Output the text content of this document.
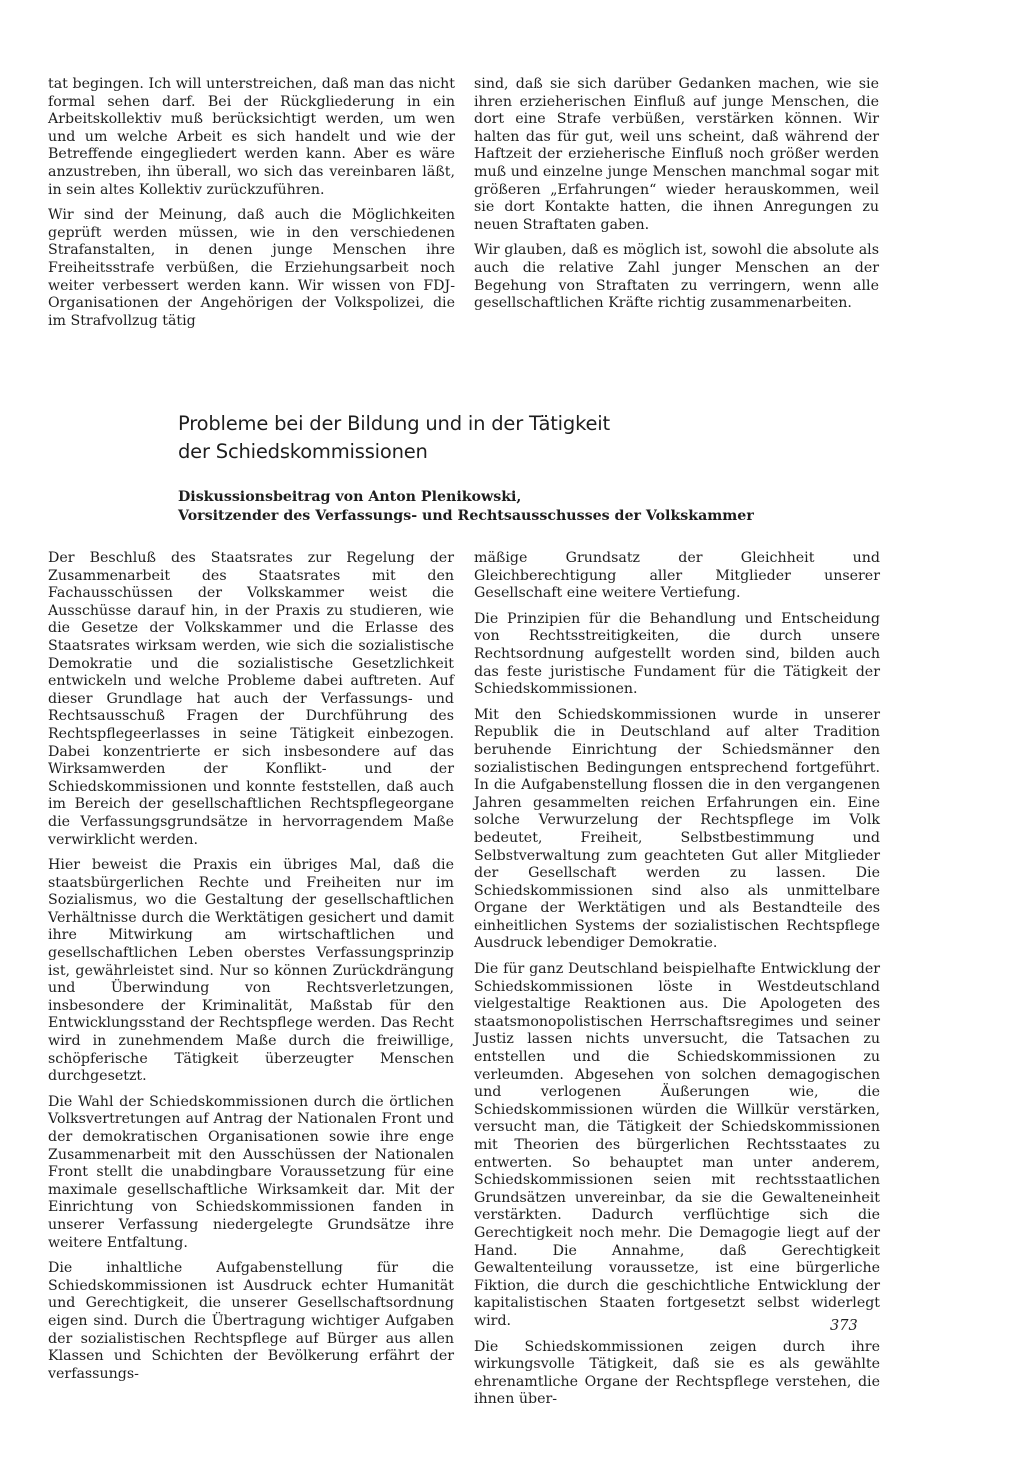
tat begingen. Ich will unterstreichen, daß man das nicht formal sehen darf. Bei der Rückgliederung in ein Arbeitskollektiv muß berücksichtigt werden, um wen und um welche Arbeit es sich handelt und wie der Betreffende eingegliedert werden kann. Aber es wäre anzustreben, ihn überall, wo sich das vereinbaren läßt, in sein altes Kollektiv zurückzuführen.

Wir sind der Meinung, daß auch die Möglichkeiten geprüft werden müssen, wie in den verschiedenen Strafanstalten, in denen junge Menschen ihre Freiheitsstrafe verbüßen, die Erziehungsarbeit noch weiter verbessert werden kann. Wir wissen von FDJ-Organisationen der Angehörigen der Volkspolizei, die im Strafvollzug tätig

sind, daß sie sich darüber Gedanken machen, wie sie ihren erzieherischen Einfluß auf junge Menschen, die dort eine Strafe verbüßen, verstärken können. Wir halten das für gut, weil uns scheint, daß während der Haftzeit der erzieherische Einfluß noch größer werden muß und einzelne junge Menschen manchmal sogar mit größeren „Erfahrungen“ wieder herauskommen, weil sie dort Kontakte hatten, die ihnen Anregungen zu neuen Straftaten gaben.

Wir glauben, daß es möglich ist, sowohl die absolute als auch die relative Zahl junger Menschen an der Begehung von Straftaten zu verringern, wenn alle gesellschaftlichen Kräfte richtig zusammenarbeiten.

Probleme bei der Bildung und in der Tätigkeit
der Schiedskommissionen
Diskussionsbeitrag von Anton Plenikowski,
Vorsitzender des Verfassungs- und Rechtsausschusses der Volkskammer

Der Beschluß des Staatsrates zur Regelung der Zusammenarbeit des Staatsrates mit den Fachausschüssen der Volkskammer weist die Ausschüsse darauf hin, in der Praxis zu studieren, wie die Gesetze der Volkskammer und die Erlasse des Staatsrates wirksam werden, wie sich die sozialistische Demokratie und die sozialistische Gesetzlichkeit entwickeln und welche Probleme dabei auftreten. Auf dieser Grundlage hat auch der Verfassungs- und Rechtsausschuß Fragen der Durchführung des Rechtspflegeerlasses in seine Tätigkeit einbezogen. Dabei konzentrierte er sich insbesondere auf das Wirksamwerden der Konflikt- und der Schiedskommissionen und konnte feststellen, daß auch im Bereich der gesellschaftlichen Rechtspflegeorgane die Verfassungsgrundsätze in hervorragendem Maße verwirklicht werden.

Hier beweist die Praxis ein übriges Mal, daß die staatsbürgerlichen Rechte und Freiheiten nur im Sozialismus, wo die Gestaltung der gesellschaftlichen Verhältnisse durch die Werktätigen gesichert und damit ihre Mitwirkung am wirtschaftlichen und gesellschaftlichen Leben oberstes Verfassungsprinzip ist, gewährleistet sind. Nur so können Zurückdrängung und Überwindung von Rechtsverletzungen, insbesondere der Kriminalität, Maßstab für den Entwicklungsstand der Rechtspflege werden. Das Recht wird in zunehmendem Maße durch die freiwillige, schöpferische Tätigkeit überzeugter Menschen durchgesetzt.

Die Wahl der Schiedskommissionen durch die örtlichen Volksvertretungen auf Antrag der Nationalen Front und der demokratischen Organisationen sowie ihre enge Zusammenarbeit mit den Ausschüssen der Nationalen Front stellt die unabdingbare Voraussetzung für eine maximale gesellschaftliche Wirksamkeit dar. Mit der Einrichtung von Schiedskommissionen fanden in unserer Verfassung niedergelegte Grundsätze ihre weitere Entfaltung.

Die inhaltliche Aufgabenstellung für die Schiedskommissionen ist Ausdruck echter Humanität und Gerechtigkeit, die unserer Gesellschaftsordnung eigen sind. Durch die Übertragung wichtiger Aufgaben der sozialistischen Rechtspflege auf Bürger aus allen Klassen und Schichten der Bevölkerung erfährt der verfassungs-

mäßige Grundsatz der Gleichheit und Gleichberechtigung aller Mitglieder unserer Gesellschaft eine weitere Vertiefung.

Die Prinzipien für die Behandlung und Entscheidung von Rechtsstreitigkeiten, die durch unsere Rechtsordnung aufgestellt worden sind, bilden auch das feste juristische Fundament für die Tätigkeit der Schiedskommissionen.

Mit den Schiedskommissionen wurde in unserer Republik die in Deutschland auf alter Tradition beruhende Einrichtung der Schiedsmänner den sozialistischen Bedingungen entsprechend fortgeführt. In die Aufgabenstellung flossen die in den vergangenen Jahren gesammelten reichen Erfahrungen ein. Eine solche Verwurzelung der Rechtspflege im Volk bedeutet, Freiheit, Selbstbestimmung und Selbstverwaltung zum geachteten Gut aller Mitglieder der Gesellschaft werden zu lassen. Die Schiedskommissionen sind also als unmittelbare Organe der Werktätigen und als Bestandteile des einheitlichen Systems der sozialistischen Rechtspflege Ausdruck lebendiger Demokratie.

Die für ganz Deutschland beispielhafte Entwicklung der Schiedskommissionen löste in Westdeutschland vielgestaltige Reaktionen aus. Die Apologeten des staatsmonopolistischen Herrschaftsregimes und seiner Justiz lassen nichts unversucht, die Tatsachen zu entstellen und die Schiedskommissionen zu verleumden. Abgesehen von solchen demagogischen und verlogenen Äußerungen wie, die Schiedskommissionen würden die Willkür verstärken, versucht man, die Tätigkeit der Schiedskommissionen mit Theorien des bürgerlichen Rechtsstaates zu entwerten. So behauptet man unter anderem, Schiedskommissionen seien mit rechtsstaatlichen Grundsätzen unvereinbar, da sie die Gewalteneinheit verstärkten. Dadurch verflüchtige sich die Gerechtigkeit noch mehr. Die Demagogie liegt auf der Hand. Die Annahme, daß Gerechtigkeit Gewaltenteilung voraussetze, ist eine bürgerliche Fiktion, die durch die geschichtliche Entwicklung der kapitalistischen Staaten fortgesetzt selbst widerlegt wird.

Die Schiedskommissionen zeigen durch ihre wirkungsvolle Tätigkeit, daß sie es als gewählte ehrenamtliche Organe der Rechtspflege verstehen, die ihnen über-

373
